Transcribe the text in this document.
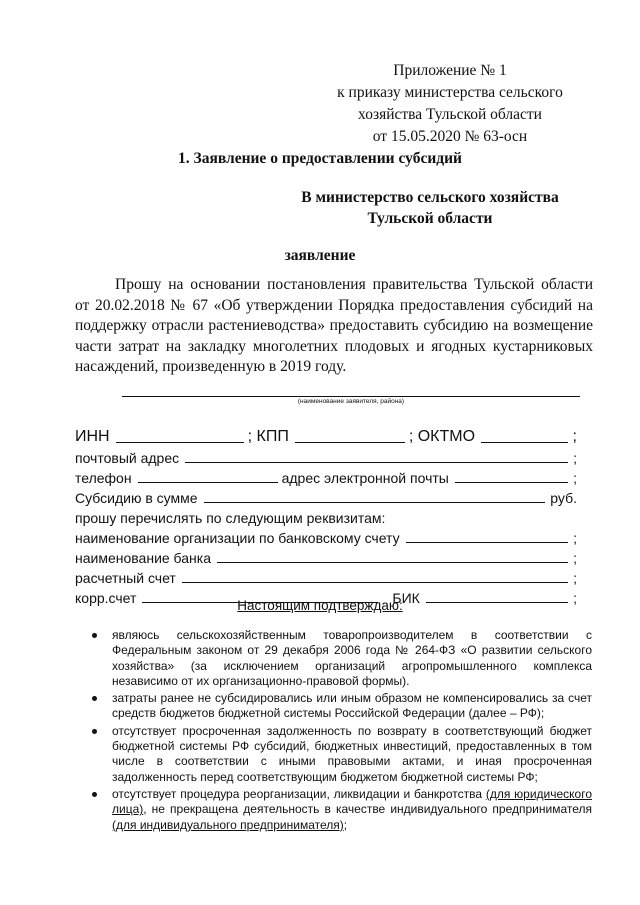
Приложение № 1
к приказу министерства сельского
хозяйства Тульской области
от 15.05.2020 № 63-осн
1. Заявление о предоставлении субсидий
В министерство сельского хозяйства
Тульской области
заявление
Прошу на основании постановления правительства Тульской области от 20.02.2018 № 67 «Об утверждении Порядка предоставления субсидий на поддержку отрасли растениеводства» предоставить субсидию на возмещение части затрат на закладку многолетних плодовых и ягодных кустарниковых насаждений, произведенную в 2019 году.
(наименование заявителя, района)
ИНН	; КПП	; ОКТМО	;
почтовый адрес	;
телефон	адрес электронной почты	;
Субсидию в сумме	руб.
прошу перечислять по следующим реквизитам:
наименование организации по банковскому счету	;
наименование банка	;
расчетный счет	;
корр.счет	БИК	;
Настоящим подтверждаю:
являюсь сельскохозяйственным товаропроизводителем в соответствии с Федеральным законом от 29 декабря 2006 года № 264-ФЗ «О развитии сельского хозяйства» (за исключением организаций агропромышленного комплекса независимо от их организационно-правовой формы).
затраты ранее не субсидировались или иным образом не компенсировались за счет средств бюджетов бюджетной системы Российской Федерации (далее – РФ);
отсутствует просроченная задолженность по возврату в соответствующий бюджет бюджетной системы РФ субсидий, бюджетных инвестиций, предоставленных в том числе в соответствии с иными правовыми актами, и иная просроченная задолженность перед соответствующим бюджетом бюджетной системы РФ;
отсутствует процедура реорганизации, ликвидации и банкротства (для юридического лица), не прекращена деятельность в качестве индивидуального предпринимателя (для индивидуального предпринимателя);
